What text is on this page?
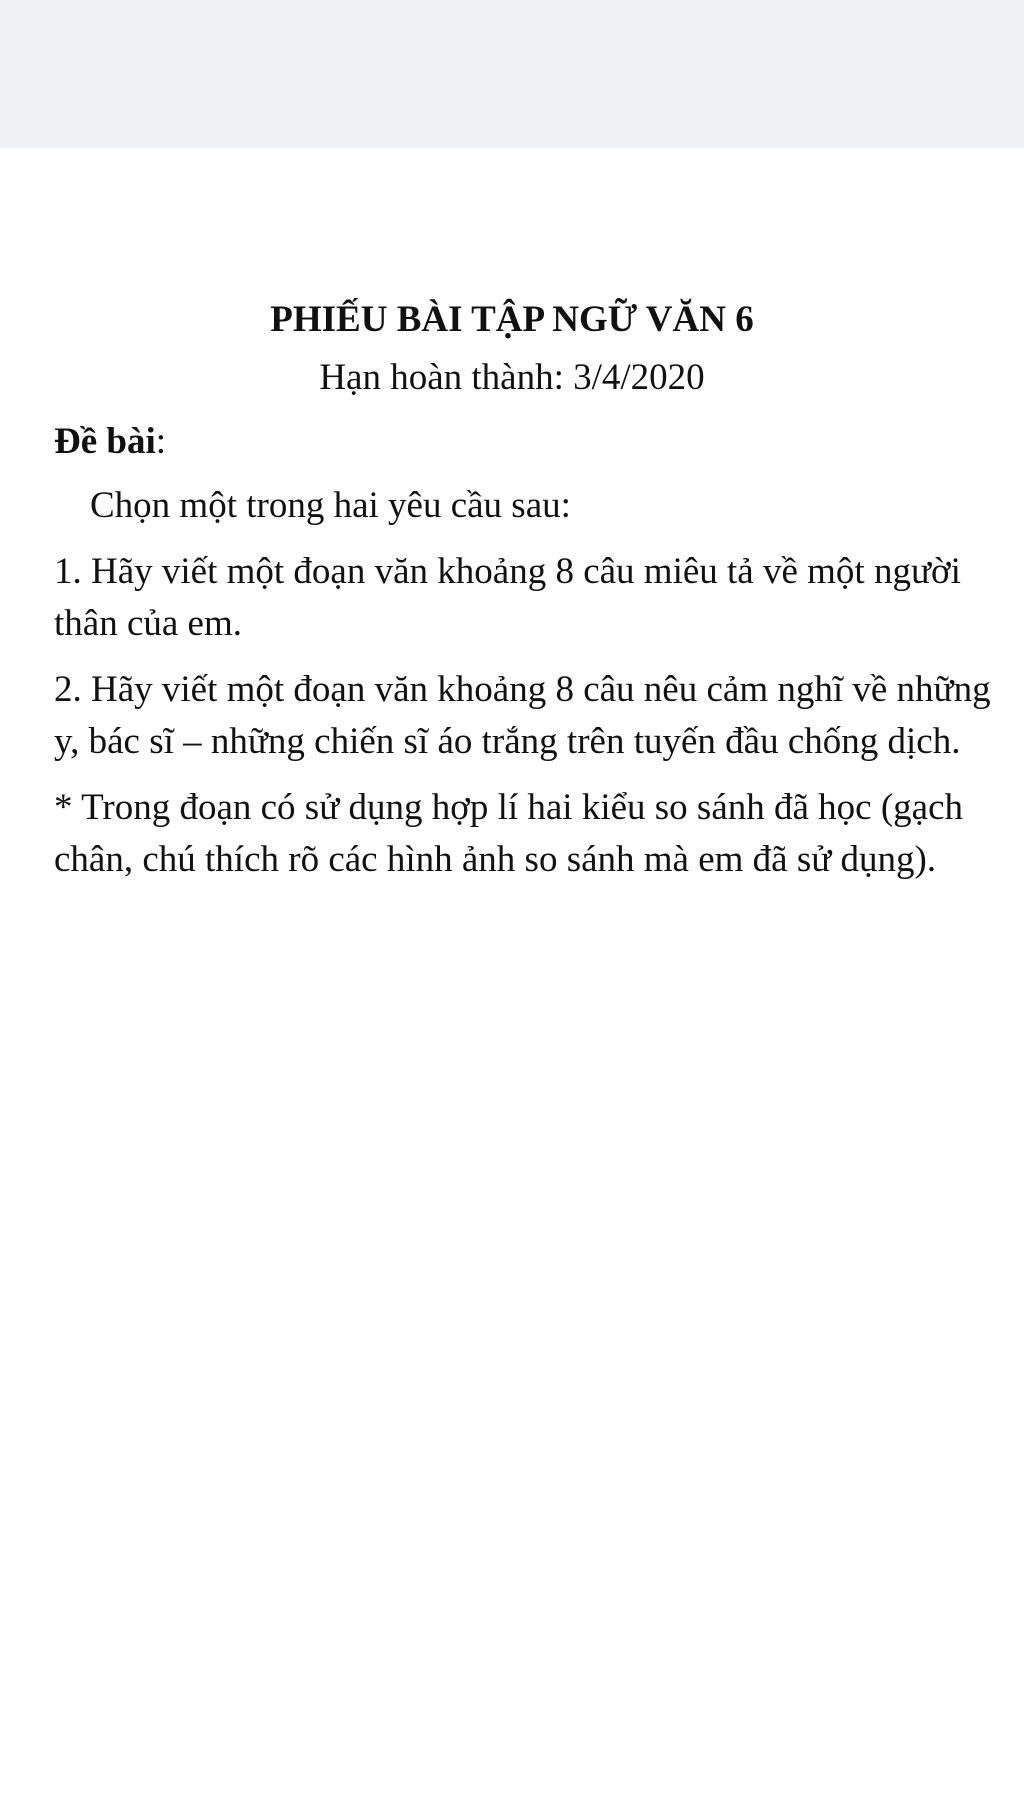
PHIẾU BÀI TẬP NGỮ VĂN 6
Hạn hoàn thành: 3/4/2020
Đề bài:
Chọn một trong hai yêu cầu sau:
1. Hãy viết một đoạn văn khoảng 8 câu miêu tả về một người thân của em.
2. Hãy viết một đoạn văn khoảng 8 câu nêu cảm nghĩ về những y, bác sĩ – những chiến sĩ áo trắng trên tuyến đầu chống dịch.
* Trong đoạn có sử dụng hợp lí hai kiểu so sánh đã học (gạch chân, chú thích rõ các hình ảnh so sánh mà em đã sử dụng).
